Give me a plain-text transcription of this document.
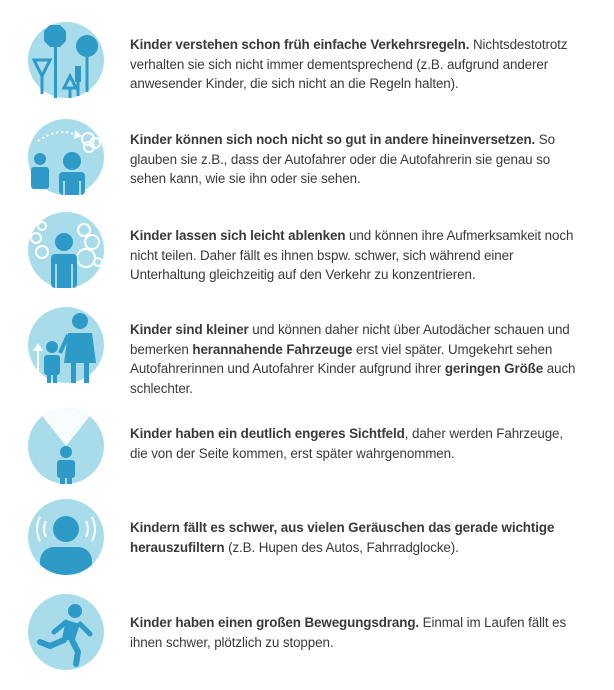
Kinder verstehen schon früh einfache Verkehrsregeln. Nichtsdestotrotz verhalten sie sich nicht immer dementsprechend (z.B. aufgrund anderer anwesender Kinder, die sich nicht an die Regeln halten).
Kinder können sich noch nicht so gut in andere hineinversetzen. So glauben sie z.B., dass der Autofahrer oder die Autofahrerin sie genau so sehen kann, wie sie ihn oder sie sehen.
Kinder lassen sich leicht ablenken und können ihre Aufmerksamkeit noch nicht teilen. Daher fällt es ihnen bspw. schwer, sich während einer Unterhaltung gleichzeitig auf den Verkehr zu konzentrieren.
Kinder sind kleiner und können daher nicht über Autodächer schauen und bemerken herannahende Fahrzeuge erst viel später. Umgekehrt sehen Autofahrerinnen und Autofahrer Kinder aufgrund ihrer geringen Größe auch schlechter.
Kinder haben ein deutlich engeres Sichtfeld, daher werden Fahrzeuge, die von der Seite kommen, erst später wahrgenommen.
Kindern fällt es schwer, aus vielen Geräuschen das gerade wichtige herauszufiltern (z.B. Hupen des Autos, Fahrradglocke).
Kinder haben einen großen Bewegungsdrang. Einmal im Laufen fällt es ihnen schwer, plötzlich zu stoppen.
